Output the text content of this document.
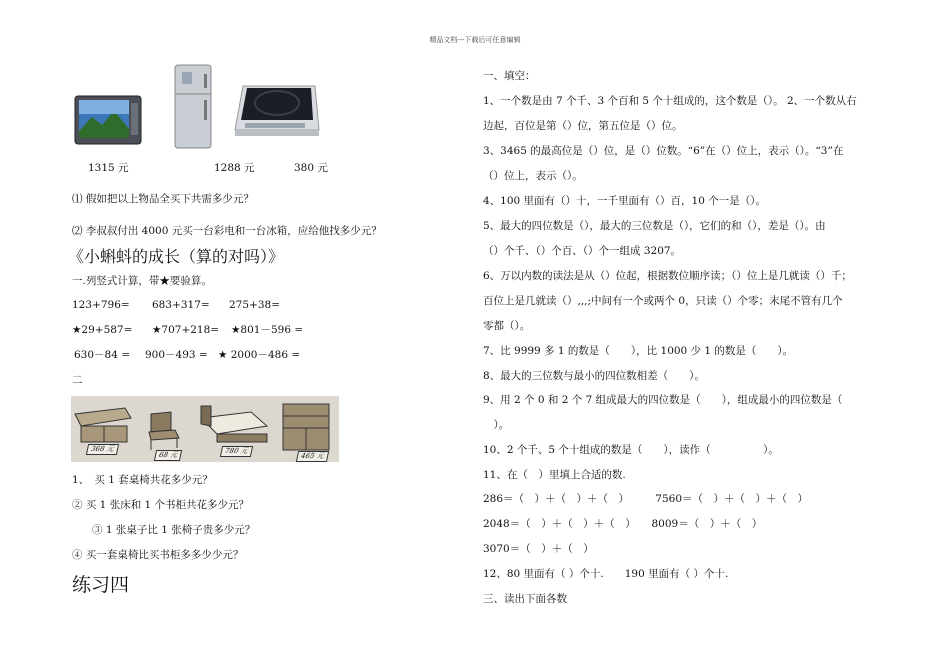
精品文档---下载后可任意编辑
1315 元	1288 元	380 元
⑴ 假如把以上物品全买下共需多少元？
⑵ 李叔叔付出 4000 元买一台彩电和一台冰箱，应给他找多少元？
《小蝌蚪的成长（算的对吗）》
一.列竖式计算，带★要验算。
123+796= 683+317= 275+38=
★29+587= ★707+218= ★801－596 =
630－84 = 900－493 = ★ 2000－486 =
二
368 元
68 元	780 元
465 元
1、　买 1 套桌椅共花多少元？
② 买 1 张床和 1 个书柜共花多少元？
③ 1 张桌子比 1 张椅子贵多少元？
④ 买一套桌椅比买书柜多多少少元？
练习四
一、填空：
1、一个数是由 7 个千、3 个百和 5 个十组成的，这个数是（）。 2、一个数从右
边起，百位是第（）位，第五位是（）位。
3、3465 的最高位是（）位，是（）位数。“6”在（）位上，表示（）。“3”在
（）位上，表示（）。
4、100 里面有（）十，一千里面有（）百，10 个一是（）。
5、最大的四位数是（），最大的三位数是（），它们的和（），差是（）。由
（）个千、（）个百、（）个一组成 3207。
6、万以内数的读法是从（）位起，根据数位顺序读；（）位上是几就读（）千；
百位上是几就读（）,,,;中间有一个或两个 0，只读（）个零；末尾不管有几个
零都（）。
7、比 9999 多 1 的数是（　　），比 1000 少 1 的数是（　　）。
8、最大的三位数与最小的四位数相差（　　）。
9、用 2 个 0 和 2 个 7 组成最大的四位数是（　　），组成最小的四位数是（
　）。
10、2 个千、5 个十组成的数是（　　），读作（　　　　　）。
11、在（　）里填上合适的数.
286＝（　）＋（　）＋（　）　　　7560＝（　）＋（　）＋（　）
2048＝（　）＋（　）＋（　）　　8009＝（　）＋（　）
3070＝（　）＋（　）
12、80 里面有（ ）个十.　　190 里面有（ ）个十.
三、读出下面各数
